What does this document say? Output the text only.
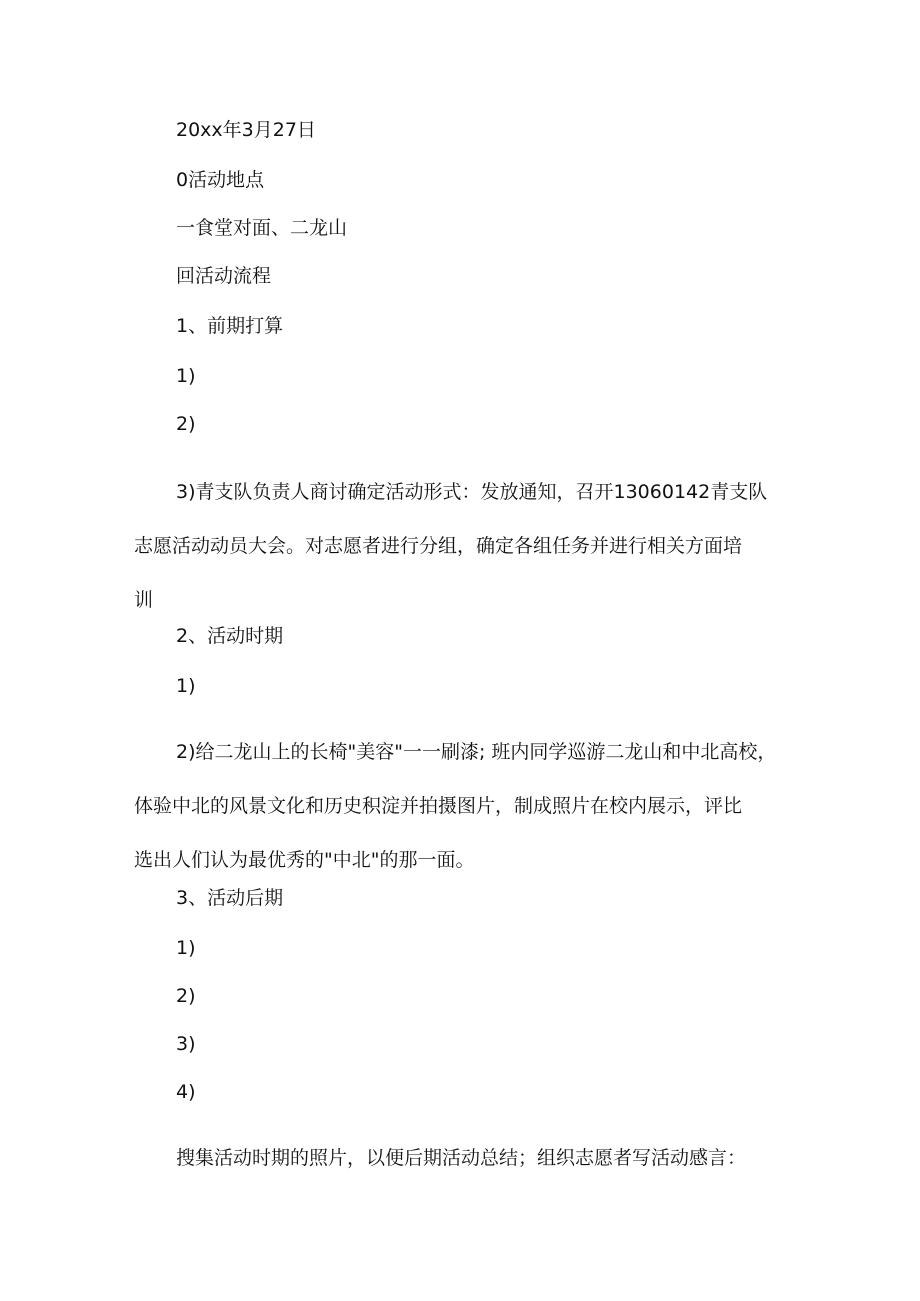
20xx年3月27日

0活动地点

一食堂对面、二龙山

回活动流程

1、前期打算

1)

2)

3)青支队负责人商讨确定活动形式：发放通知，召开13060142青支队
志愿活动动员大会。对志愿者进行分组，确定各组任务并进行相关方面培
训

2、活动时期

1)

2)给二龙山上的长椅"美容"一一刷漆; 班内同学巡游二龙山和中北高校，
体验中北的风景文化和历史积淀并拍摄图片，制成照片在校内展示，评比
选出人们认为最优秀的"中北"的那一面。

3、活动后期

1)

2)

3)

4)

搜集活动时期的照片，以便后期活动总结；组织志愿者写活动感言：
